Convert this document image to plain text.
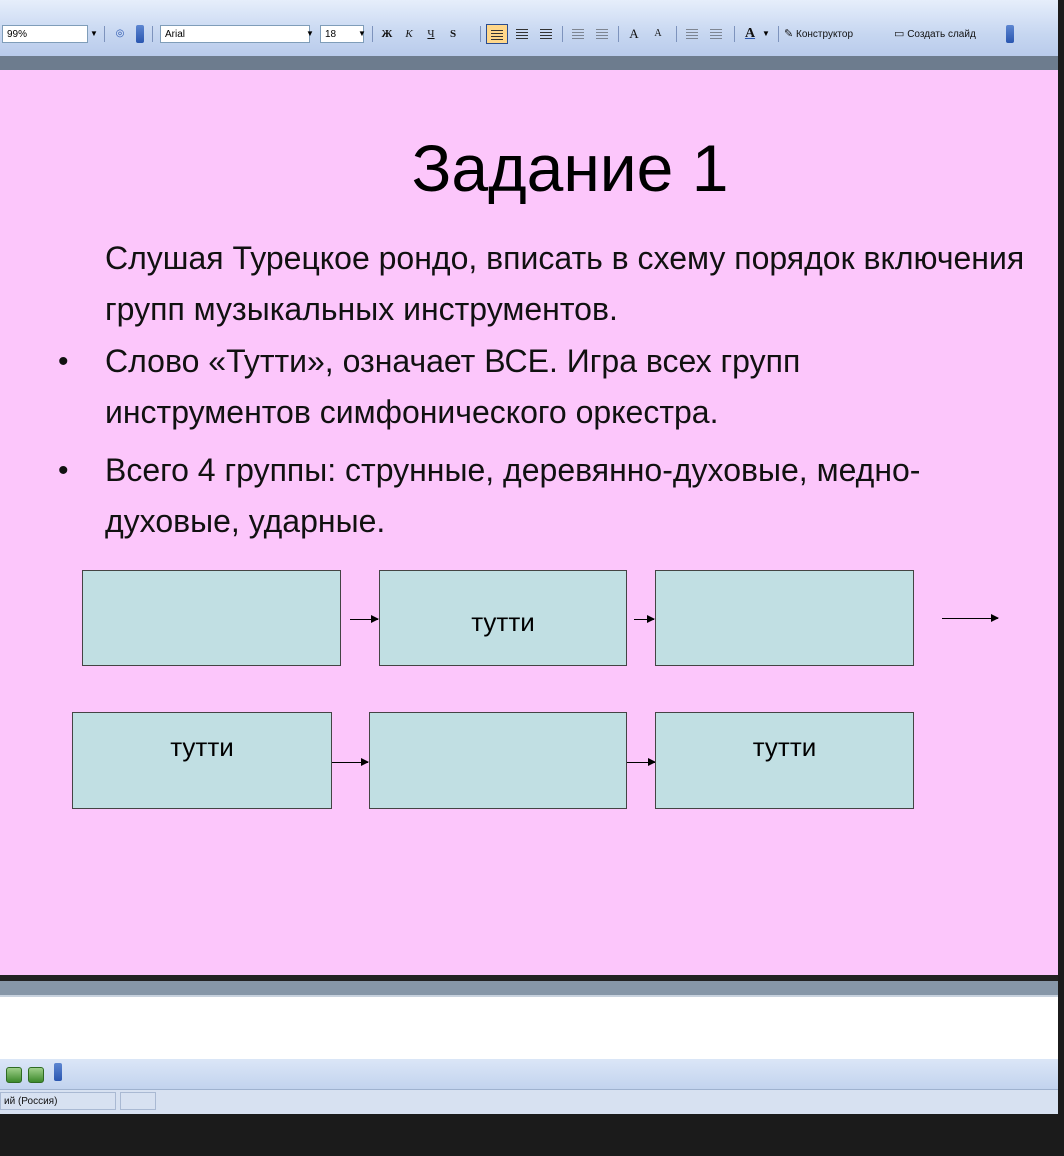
99%	▼	◎	Arial	▼	18	▼	Ж	К	Ч	S	A	A	A ▼ ✎ Конструктор	▭ Создать слайд
Задание 1
Слушая Турецкое рондо, вписать в схему порядок включения групп музыкальных инструментов.
• Слово «Тутти», означает ВСЕ. Игра всех групп инструментов симфонического оркестра.
• Всего 4 группы: струнные, деревянно-духовые, медно-духовые, ударные.
тутти
тутти	тутти
ий (Россия)
